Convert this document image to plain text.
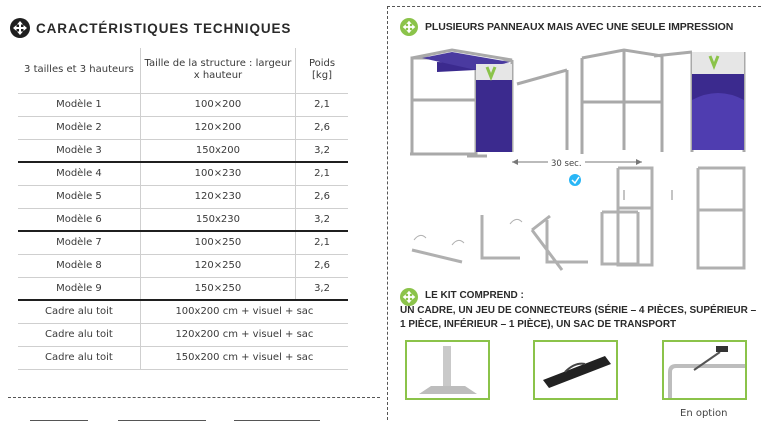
CARACTÉRISTIQUES TECHNIQUES
3 tailles et 3 hauteurs	Taille de la structure : largeur x hauteur	Poids [kg]
Modèle 1	100×200	2,1
Modèle 2	120×200	2,6
Modèle 3	150x200	3,2
Modèle 4	100×230	2,1
Modèle 5	120×230	2,6
Modèle 6	150x230	3,2
Modèle 7	100×250	2,1
Modèle 8	120×250	2,6
Modèle 9	150×250	3,2
Cadre alu toit	100x200 cm + visuel + sac	
Cadre alu toit	120x200 cm + visuel + sac	
Cadre alu toit	150x200 cm + visuel + sac	
PLUSIEURS PANNEAUX MAIS AVEC UNE SEULE IMPRESSION
30 sec.
LE KIT COMPREND :
UN CADRE, UN JEU DE CONNECTEURS (SÉRIE – 4 PIÈCES, SUPÉRIEUR – 1 PIÈCE, INFÉRIEUR – 1 PIÈCE), UN SAC DE TRANSPORT
En option
